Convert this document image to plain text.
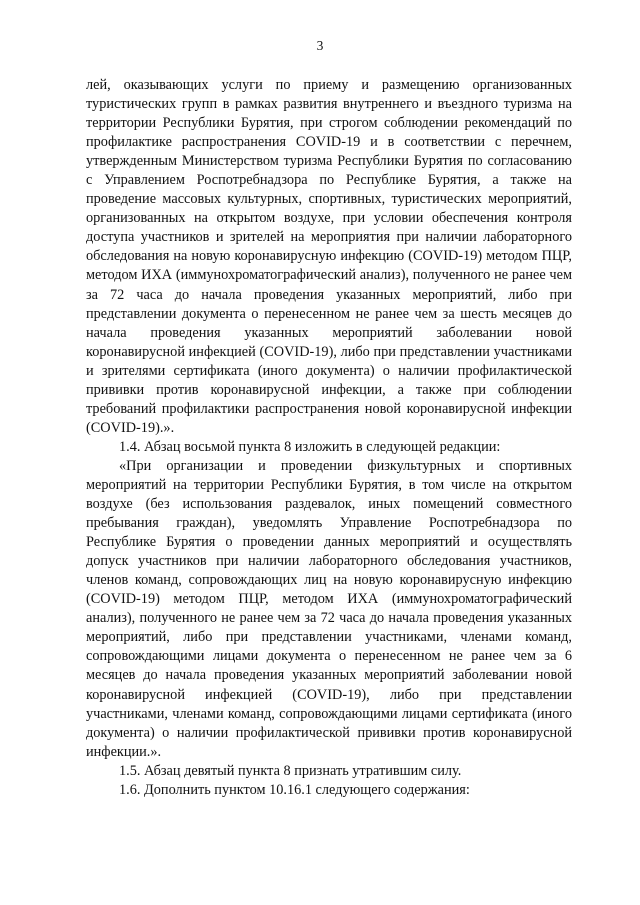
3

лей, оказывающих услуги по приему и размещению организованных туристических групп в рамках развития внутреннего и въездного туризма на территории Республики Бурятия, при строгом соблюдении рекомендаций по профилактике распространения COVID-19 и в соответствии с перечнем, утвержденным Министерством туризма Республики Бурятия по согласованию с Управлением Роспотребнадзора по Республике Бурятия, а также на проведение массовых культурных, спортивных, туристических мероприятий, организованных на открытом воздухе, при условии обеспечения контроля доступа участников и зрителей на мероприятия при наличии лабораторного обследования на новую коронавирусную инфекцию (COVID-19) методом ПЦР, методом ИХА (иммунохроматографический анализ), полученного не ранее чем за 72 часа до начала проведения указанных мероприятий, либо при представлении документа о перенесенном не ранее чем за шесть месяцев до начала проведения указанных мероприятий заболевании новой коронавирусной инфекцией (COVID-19), либо при представлении участниками и зрителями сертификата (иного документа) о наличии профилактической прививки против коронавирусной инфекции, а также при соблюдении требований профилактики распространения новой коронавирусной инфекции (COVID-19).».

1.4. Абзац восьмой пункта 8 изложить в следующей редакции:

«При организации и проведении физкультурных и спортивных мероприятий на территории Республики Бурятия, в том числе на открытом воздухе (без использования раздевалок, иных помещений совместного пребывания граждан), уведомлять Управление Роспотребнадзора по Республике Бурятия о проведении данных мероприятий и осуществлять допуск участников при наличии лабораторного обследования участников, членов команд, сопровождающих лиц на новую коронавирусную инфекцию (COVID-19) методом ПЦР, методом ИХА (иммунохроматографический анализ), полученного не ранее чем за 72 часа до начала проведения указанных мероприятий, либо при представлении участниками, членами команд, сопровождающими лицами документа о перенесенном не ранее чем за 6 месяцев до начала проведения указанных мероприятий заболевании новой коронавирусной инфекцией (COVID-19), либо при представлении участниками, членами команд, сопровождающими лицами сертификата (иного документа) о наличии профилактической прививки против коронавирусной инфекции.».

1.5. Абзац девятый пункта 8 признать утратившим силу.

1.6. Дополнить пунктом 10.16.1 следующего содержания:
